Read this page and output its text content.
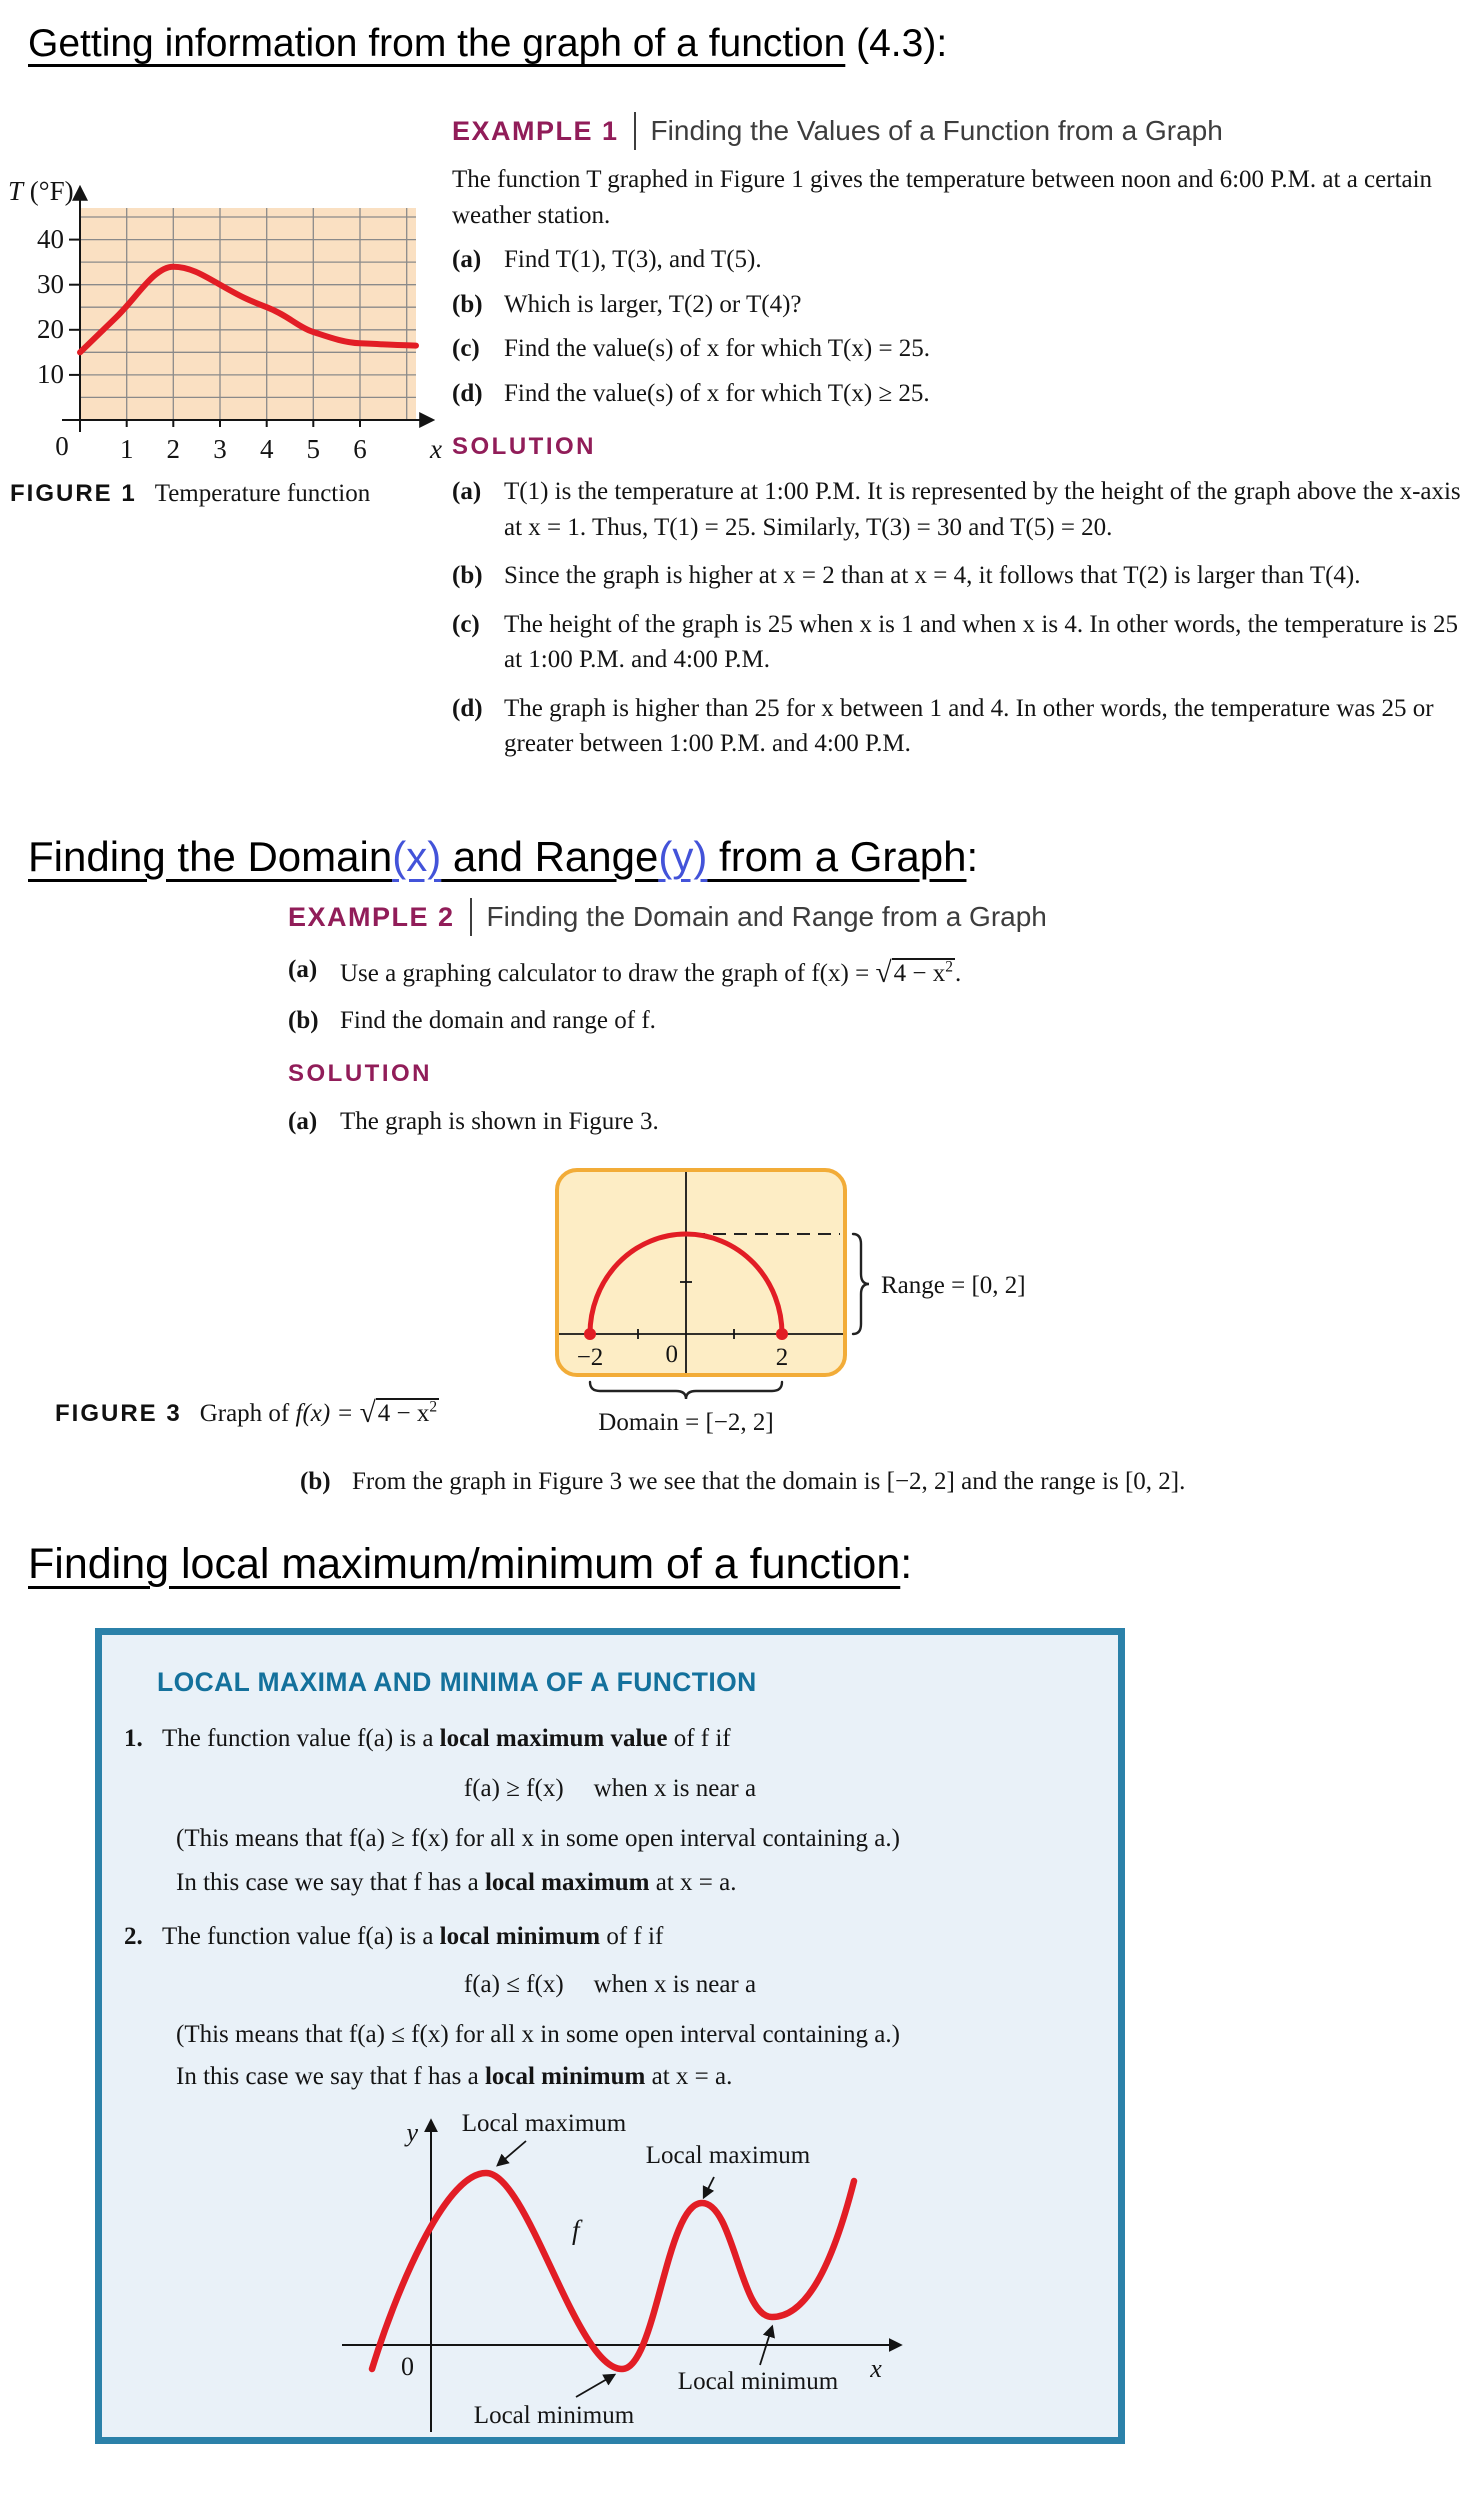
Getting information from the graph of a function (4.3):
T (°F)
40
30
20
10
0 1 2 3 4 5 6 x
FIGURE 1 Temperature function
EXAMPLE 1 Finding the Values of a Function from a Graph
The function T graphed in Figure 1 gives the temperature between noon and 6:00 P.M. at a certain weather station.
(a) Find T(1), T(3), and T(5).
(b) Which is larger, T(2) or T(4)?
(c) Find the value(s) of x for which T(x) = 25.
(d) Find the value(s) of x for which T(x) ≥ 25.
SOLUTION
(a) T(1) is the temperature at 1:00 P.M. It is represented by the height of the graph above the x-axis at x = 1. Thus, T(1) = 25. Similarly, T(3) = 30 and T(5) = 20.
(b) Since the graph is higher at x = 2 than at x = 4, it follows that T(2) is larger than T(4).
(c) The height of the graph is 25 when x is 1 and when x is 4. In other words, the temperature is 25 at 1:00 P.M. and 4:00 P.M.
(d) The graph is higher than 25 for x between 1 and 4. In other words, the temperature was 25 or greater between 1:00 P.M. and 4:00 P.M.
Finding the Domain(x) and Range(y) from a Graph:
EXAMPLE 2 Finding the Domain and Range from a Graph
(a) Use a graphing calculator to draw the graph of $f(x) = √4 - x^2$.
(b) Find the domain and range of f.
SOLUTION
(a) The graph is shown in Figure 3.
−2 0	2
Range = [0, 2]
Domain = [−2, 2]
FIGURE 3 Graph of $f(x) = √4 - x^2$
(b) From the graph in Figure 3 we see that the domain is [−2, 2] and the range is [0, 2].
Finding local maximum/minimum of a function:
LOCAL MAXIMA AND MINIMA OF A FUNCTION
1. The function value f(a) is a local maximum value of f if
f(a) ≥ f(x) when x is near a
(This means that f(a) ≥ f(x) for all x in some open interval containing a.)
In this case we say that f has a local maximum at x = a.
2. The function value f(a) is a local minimum of f if
f(a) ≤ f(x) when x is near a
(This means that f(a) ≤ f(x) for all x in some open interval containing a.)
In this case we say that f has a local minimum at x = a.
y
0	x
f
Local maximum
Local maximum
Local minimum
Local minimum
